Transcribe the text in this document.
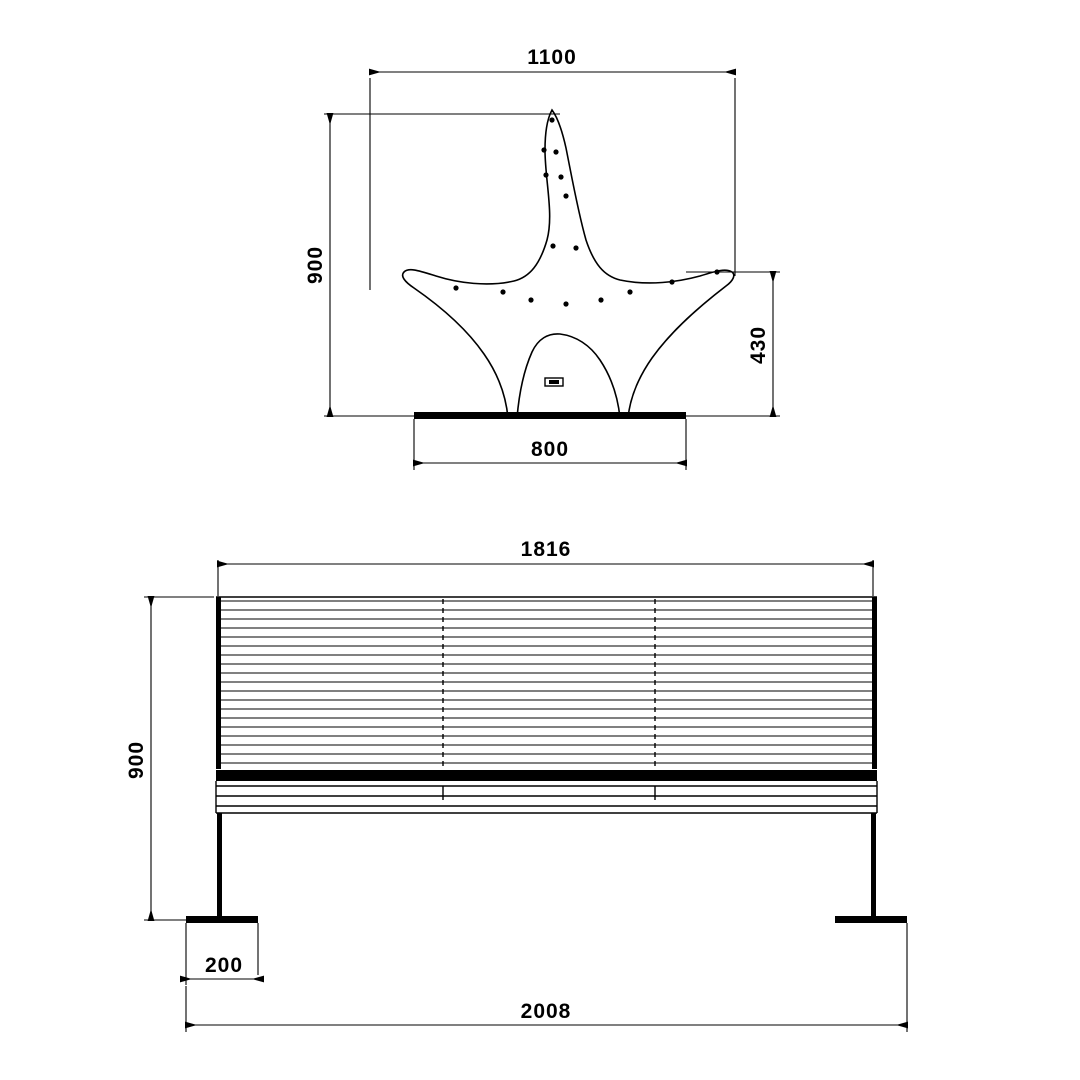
1100
900
430
800
1816
900
200
2008
